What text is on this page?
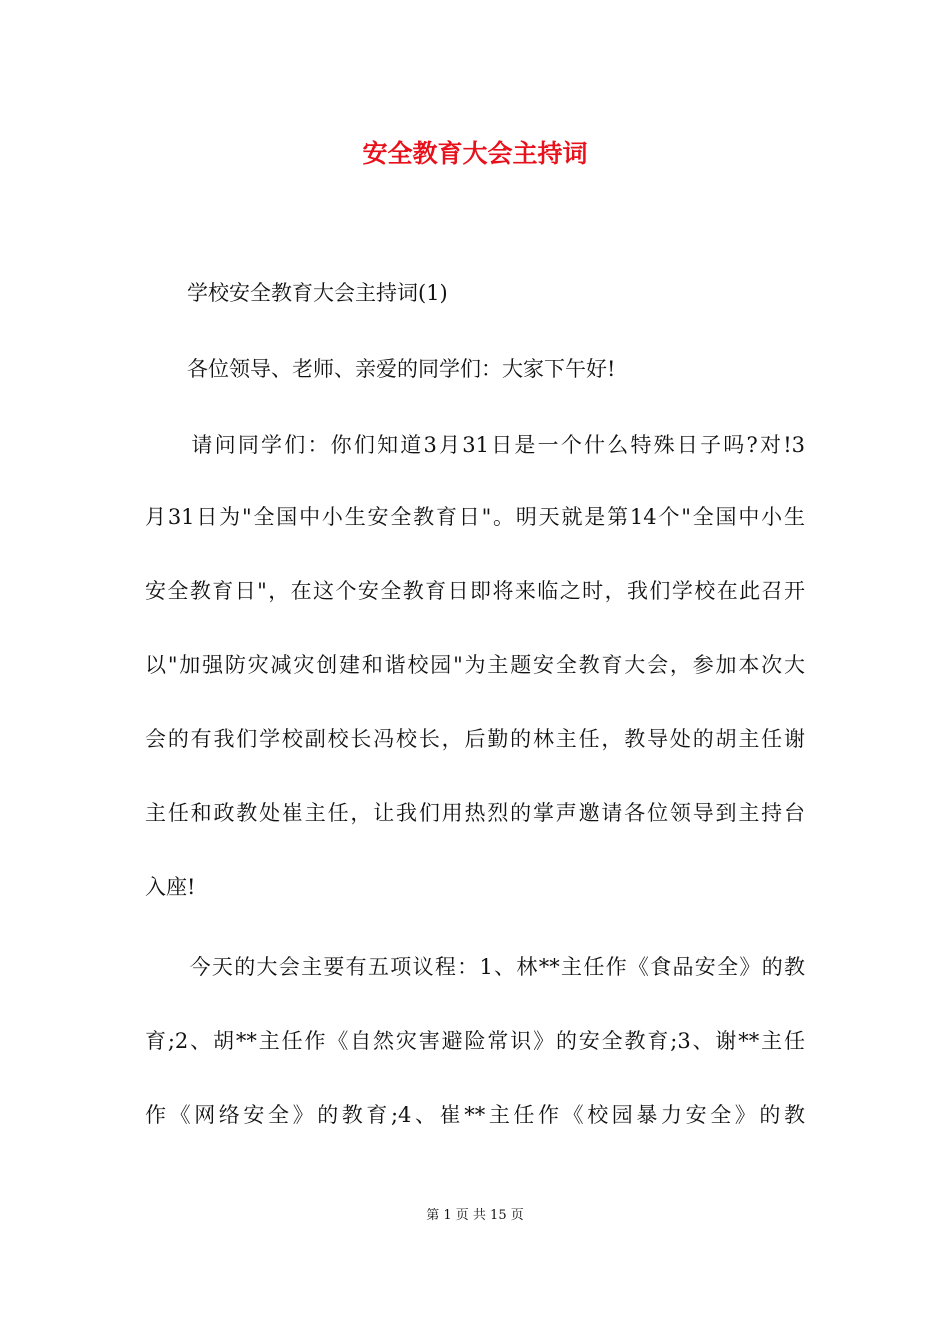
安全教育大会主持词

　　学校安全教育大会主持词(1)

　　各位领导、老师、亲爱的同学们：大家下午好!

　　请问同学们：你们知道3月31日是一个什么特殊日子吗?对!3

月31日为"全国中小生安全教育日"。明天就是第14个"全国中小生

安全教育日"，在这个安全教育日即将来临之时，我们学校在此召开

以"加强防灾减灾创建和谐校园"为主题安全教育大会，参加本次大

会的有我们学校副校长冯校长，后勤的林主任，教导处的胡主任谢

主任和政教处崔主任，让我们用热烈的掌声邀请各位领导到主持台

入座!

　　今天的大会主要有五项议程：1、林**主任作《食品安全》的教

育;2、胡**主任作《自然灾害避险常识》的安全教育;3、谢**主任

作《网络安全》的教育;4、崔**主任作《校园暴力安全》的教

第 1 页 共 15 页
